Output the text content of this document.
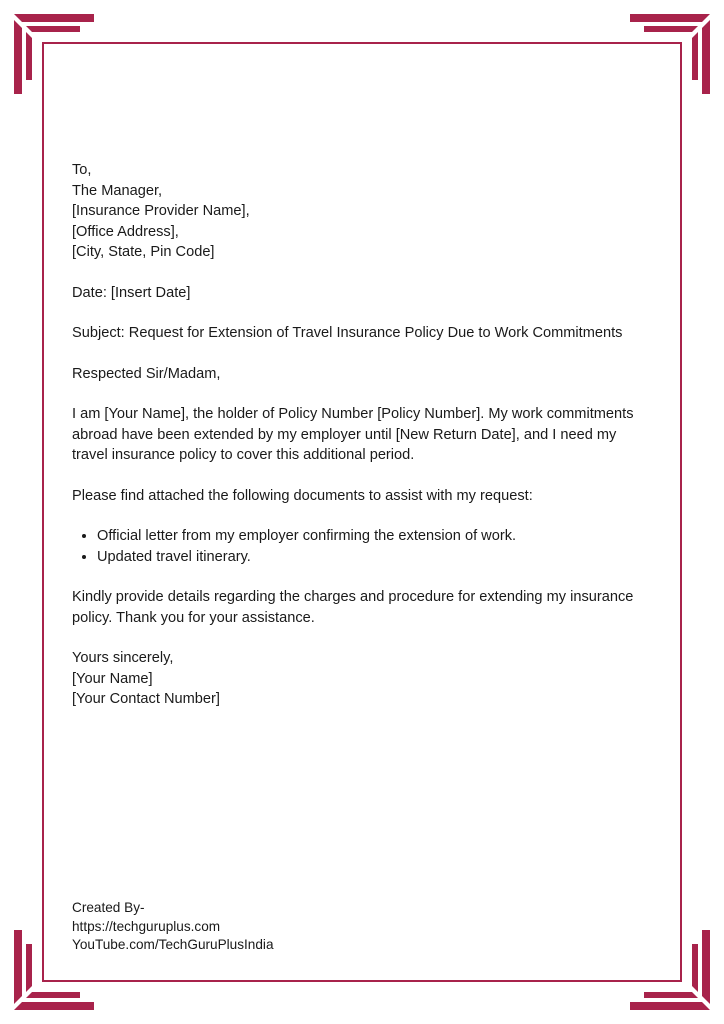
To,
The Manager,
[Insurance Provider Name],
[Office Address],
[City, State, Pin Code]
Date: [Insert Date]
Subject: Request for Extension of Travel Insurance Policy Due to Work Commitments
Respected Sir/Madam,
I am [Your Name], the holder of Policy Number [Policy Number]. My work commitments abroad have been extended by my employer until [New Return Date], and I need my travel insurance policy to cover this additional period.
Please find attached the following documents to assist with my request:
• Official letter from my employer confirming the extension of work.
• Updated travel itinerary.
Kindly provide details regarding the charges and procedure for extending my insurance policy. Thank you for your assistance.
Yours sincerely,
[Your Name]
[Your Contact Number]
Created By-
https://techguruplus.com
YouTube.com/TechGuruPlusIndia
